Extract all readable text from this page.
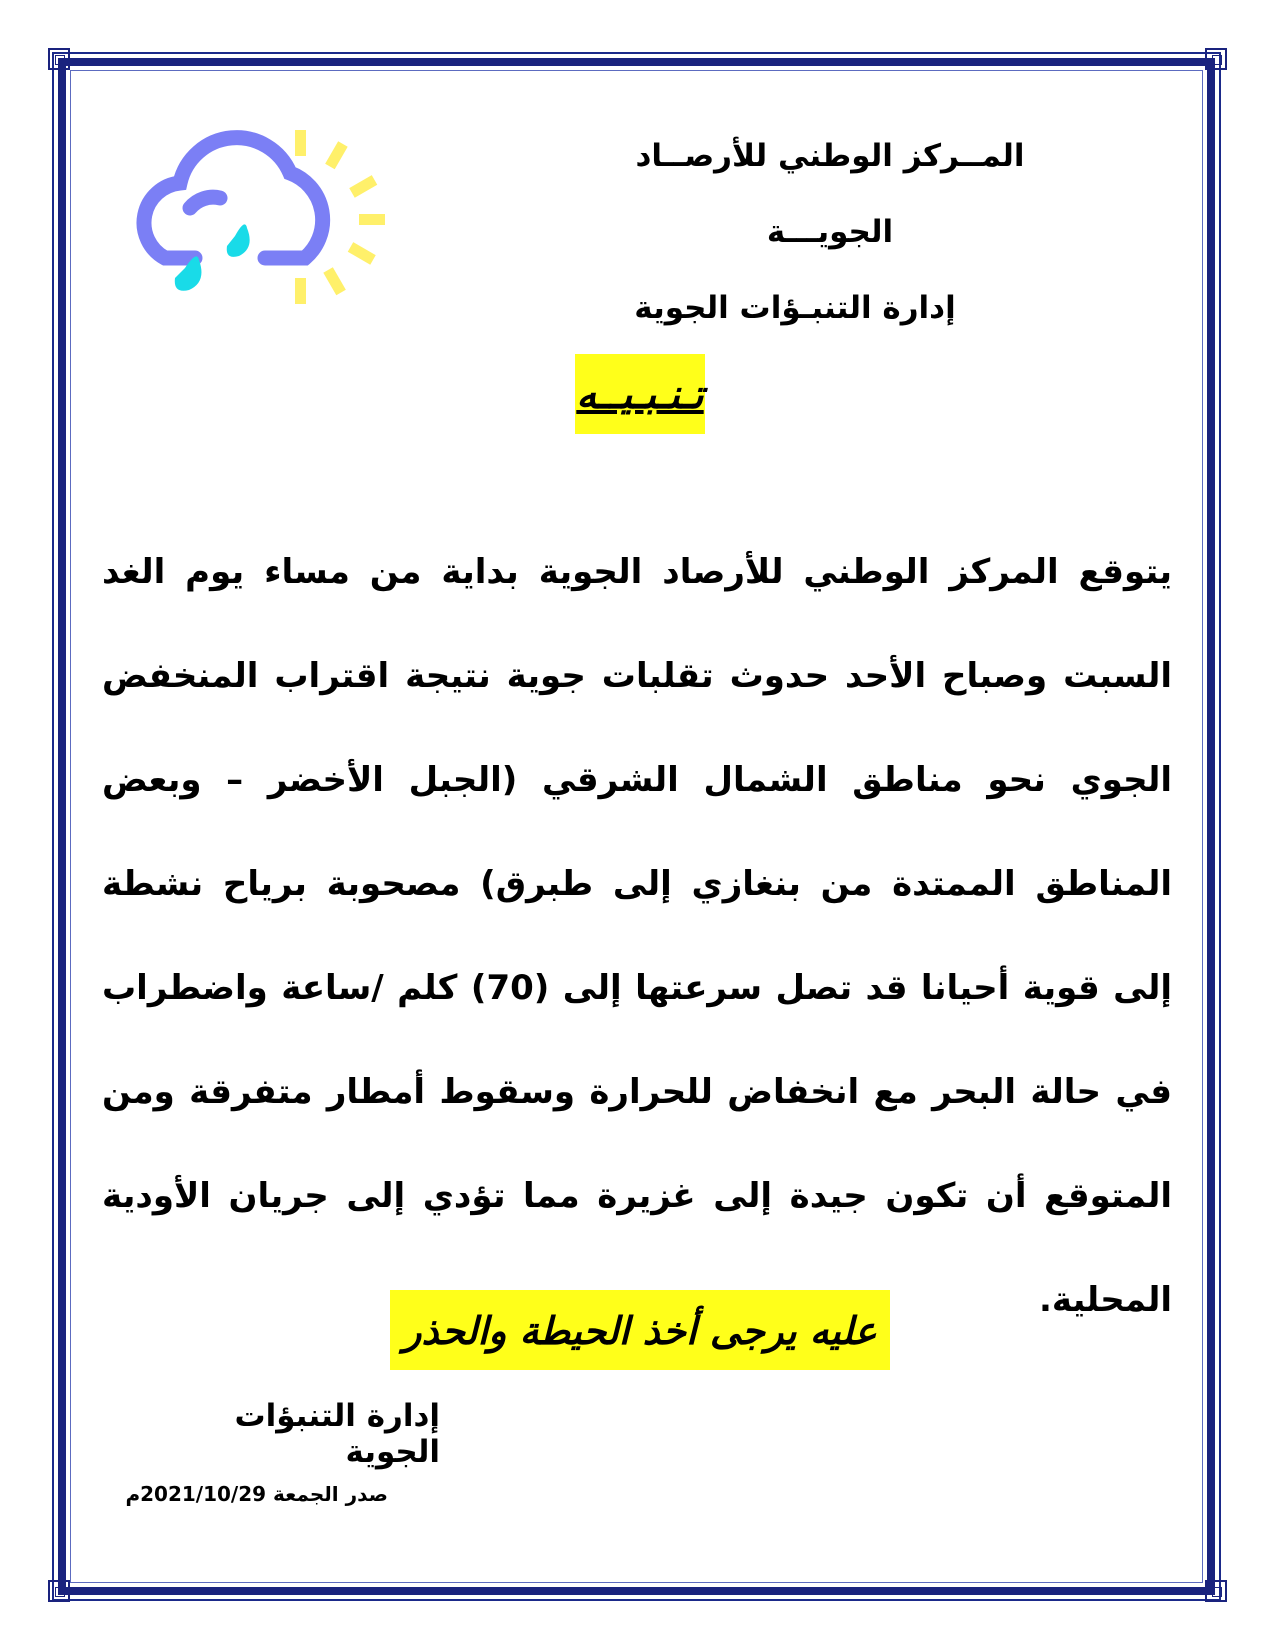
المــركز الوطني للأرصــاد الجويـــة
إدارة التنبـؤات الجوية
تـنـبـيــه

يتوقع المركز الوطني للأرصاد الجوية بداية من مساء يوم الغد السبت وصباح الأحد حدوث تقلبات جوية نتيجة اقتراب المنخفض الجوي نحو مناطق الشمال الشرقي (الجبل الأخضر – وبعض المناطق الممتدة من بنغازي إلى طبرق) مصحوبة برياح نشطة إلى قوية أحيانا قد تصل سرعتها إلى (70) كلم /ساعة واضطراب في حالة البحر مع انخفاض للحرارة وسقوط أمطار متفرقة ومن المتوقع أن تكون جيدة إلى غزيرة مما تؤدي إلى جريان الأودية المحلية.

عليه يرجى أخذ الحيطة والحذر
إدارة التنبؤات الجوية
صدر الجمعة 2021/10/29م
